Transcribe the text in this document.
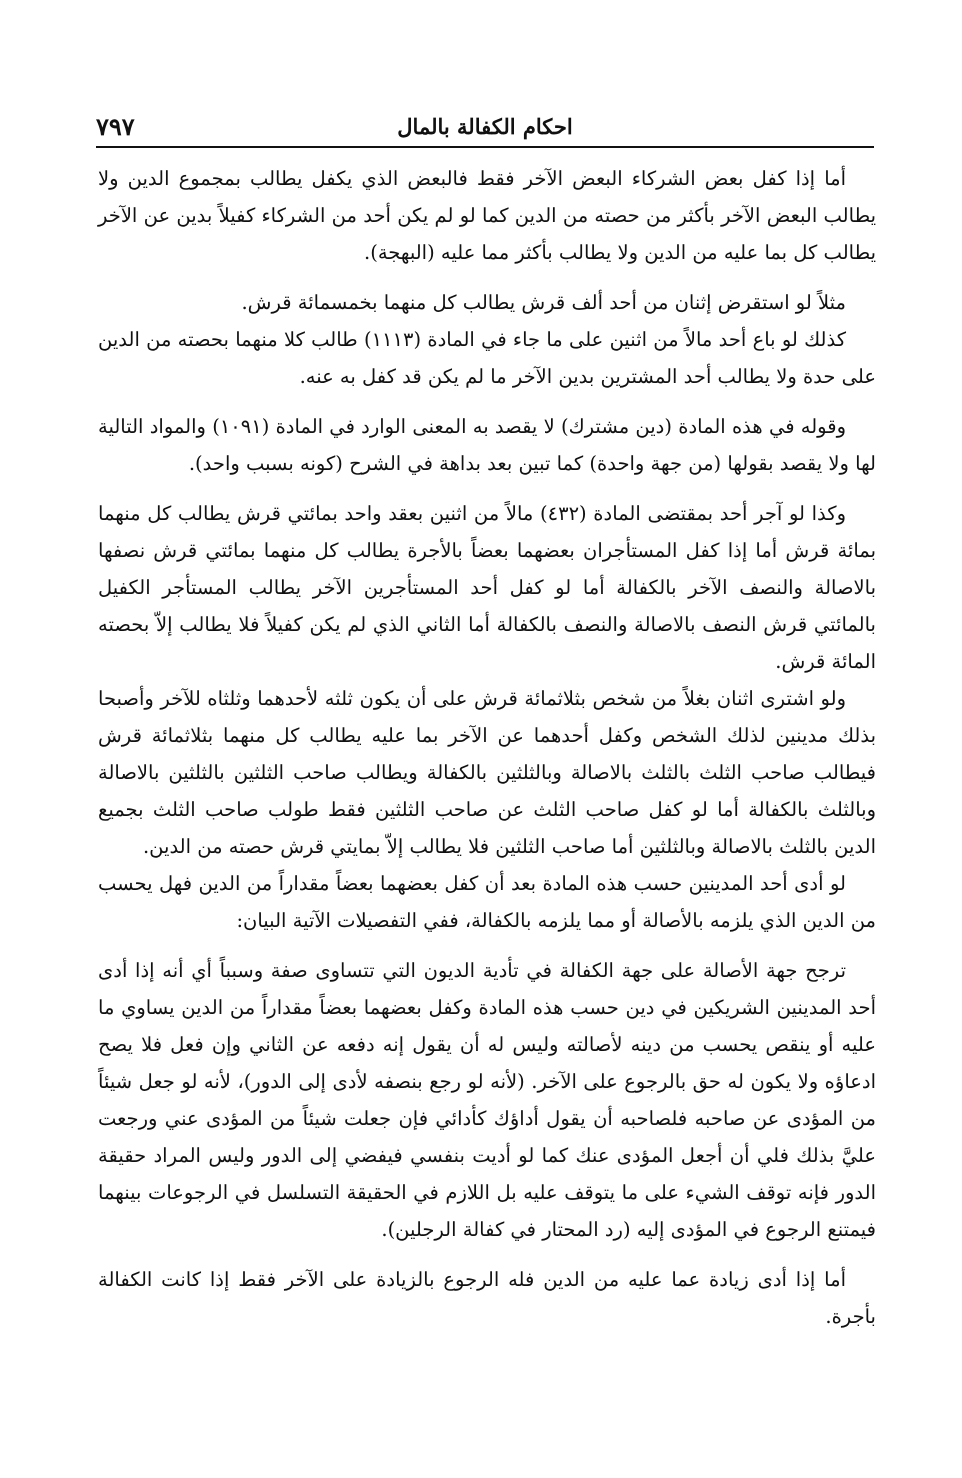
احكام الكفالة بالمال
٧٩٧

أما إذا كفل بعض الشركاء البعض الآخر فقط فالبعض الذي يكفل يطالب بمجموع الدين ولا يطالب البعض الآخر بأكثر من حصته من الدين كما لو لم يكن أحد من الشركاء كفيلاً بدين عن الآخر يطالب كل بما عليه من الدين ولا يطالب بأكثر مما عليه (البهجة).

مثلاً لو استقرض إثنان من أحد ألف قرش يطالب كل منهما بخمسمائة قرش.

كذلك لو باع أحد مالاً من اثنين على ما جاء في المادة (١١١٣) طالب كلا منهما بحصته من الدين على حدة ولا يطالب أحد المشترين بدين الآخر ما لم يكن قد كفل به عنه.

وقوله في هذه المادة (دين مشترك) لا يقصد به المعنى الوارد في المادة (١٠٩١) والمواد التالية لها ولا يقصد بقولها (من جهة واحدة) كما تبين بعد بداهة في الشرح (كونه بسبب واحد).

وكذا لو آجر أحد بمقتضى المادة (٤٣٢) مالاً من اثنين بعقد واحد بمائتي قرش يطالب كل منهما بمائة قرش أما إذا كفل المستأجران بعضهما بعضاً بالأجرة يطالب كل منهما بمائتي قرش نصفها بالاصالة والنصف الآخر بالكفالة أما لو كفل أحد المستأجرين الآخر يطالب المستأجر الكفيل بالمائتي قرش النصف بالاصالة والنصف بالكفالة أما الثاني الذي لم يكن كفيلاً فلا يطالب إلاّ بحصته المائة قرش.

ولو اشترى اثنان بغلاً من شخص بثلاثمائة قرش على أن يكون ثلثه لأحدهما وثلثاه للآخر وأصبحا بذلك مدينين لذلك الشخص وكفل أحدهما عن الآخر بما عليه يطالب كل منهما بثلاثمائة قرش فيطالب صاحب الثلث بالثلث بالاصالة وبالثلثين بالكفالة ويطالب صاحب الثلثين بالثلثين بالاصالة وبالثلث بالكفالة أما لو كفل صاحب الثلث عن صاحب الثلثين فقط طولب صاحب الثلث بجميع الدين بالثلث بالاصالة وبالثلثين أما صاحب الثلثين فلا يطالب إلاّ بمايتي قرش حصته من الدين.

لو أدى أحد المدينين حسب هذه المادة بعد أن كفل بعضهما بعضاً مقداراً من الدين فهل يحسب من الدين الذي يلزمه بالأصالة أو مما يلزمه بالكفالة، ففي التفصيلات الآتية البيان:

ترجح جهة الأصالة على جهة الكفالة في تأدية الديون التي تتساوى صفة وسبباً أي أنه إذا أدى أحد المدينين الشريكين في دين حسب هذه المادة وكفل بعضهما بعضاً مقداراً من الدين يساوي ما عليه أو ينقص يحسب من دينه لأصالته وليس له أن يقول إنه دفعه عن الثاني وإن فعل فلا يصح ادعاؤه ولا يكون له حق بالرجوع على الآخر. (لأنه لو رجع بنصفه لأدى إلى الدور)، لأنه لو جعل شيئاً من المؤدى عن صاحبه فلصاحبه أن يقول أداؤك كأدائي فإن جعلت شيئاً من المؤدى عني ورجعت عليَّ بذلك فلي أن أجعل المؤدى عنك كما لو أديت بنفسي فيفضي إلى الدور وليس المراد حقيقة الدور فإنه توقف الشيء على ما يتوقف عليه بل اللازم في الحقيقة التسلسل في الرجوعات بينهما فيمتنع الرجوع في المؤدى إليه (رد المحتار في كفالة الرجلين).

أما إذا أدى زيادة عما عليه من الدين فله الرجوع بالزيادة على الآخر فقط إذا كانت الكفالة بأجرة.
